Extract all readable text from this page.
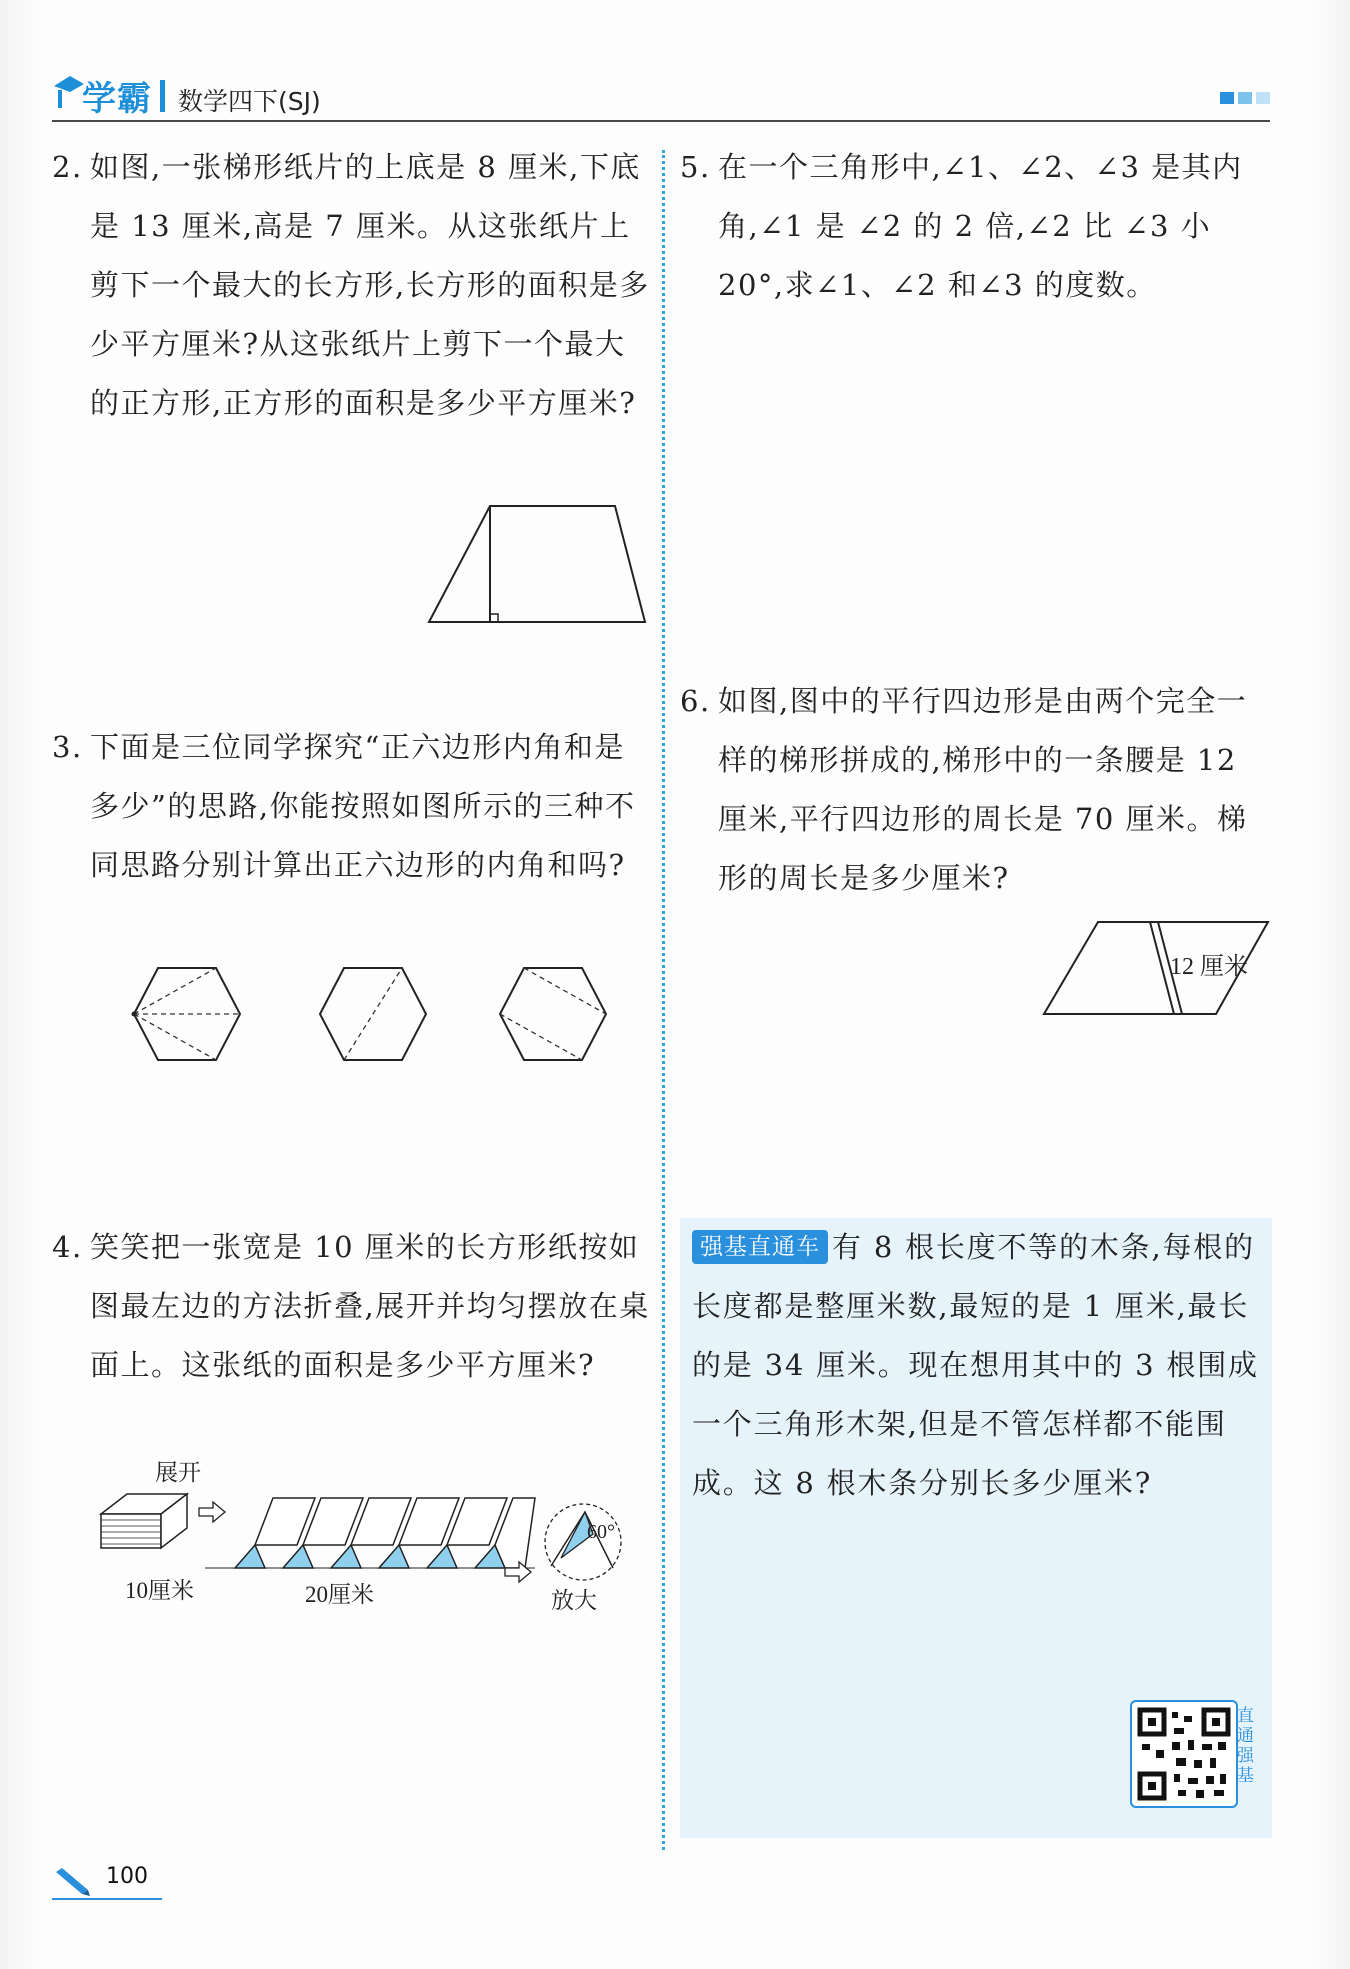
学霸 数学四下(SJ)
2. 如图,一张梯形纸片的上底是 8 厘米,下底是 13 厘米,高是 7 厘米。从这张纸片上剪下一个最大的长方形,长方形的面积是多少平方厘米?从这张纸片上剪下一个最大的正方形,正方形的面积是多少平方厘米?
3. 下面是三位同学探究“正六边形内角和是多少”的思路,你能按照如图所示的三种不同思路分别计算出正六边形的内角和吗?
4. 笑笑把一张宽是 10 厘米的长方形纸按如图最左边的方法折叠,展开并均匀摆放在桌面上。这张纸的面积是多少平方厘米?
展开
10厘米	20厘米
60°
放大
5. 在一个三角形中,∠1、∠2、∠3 是其内角,∠1 是 ∠2 的 2 倍,∠2 比 ∠3 小 20°,求∠1、∠2 和∠3 的度数。
6. 如图,图中的平行四边形是由两个完全一样的梯形拼成的,梯形中的一条腰是 12 厘米,平行四边形的周长是 70 厘米。梯形的周长是多少厘米?
12 厘米
强基直通车 有 8 根长度不等的木条,每根的长度都是整厘米数,最短的是 1 厘米,最长的是 34 厘米。现在想用其中的 3 根围成一个三角形木架,但是不管怎样都不能围成。这 8 根木条分别长多少厘米?
直通强基
100
